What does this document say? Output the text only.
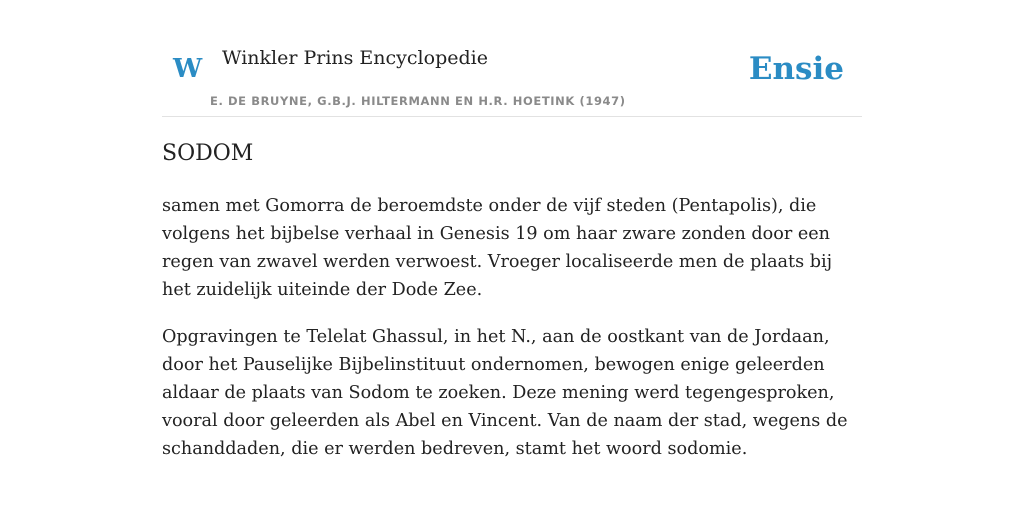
W Winkler Prins Encyclopedie
E. DE BRUYNE, G.B.J. HILTERMANN EN H.R. HOETINK (1947)
Ensie
SODOM

samen met Gomorra de beroemdste onder de vijf steden (Pentapolis), die volgens het bijbelse verhaal in Genesis 19 om haar zware zonden door een regen van zwavel werden verwoest. Vroeger localiseerde men de plaats bij het zuidelijk uiteinde der Dode Zee.

Opgravingen te Telelat Ghassul, in het N., aan de oostkant van de Jordaan, door het Pauselijke Bijbelinstituut ondernomen, bewogen enige geleerden aldaar de plaats van Sodom te zoeken. Deze mening werd tegengesproken, vooral door geleerden als Abel en Vincent. Van de naam der stad, wegens de schanddaden, die er werden bedreven, stamt het woord sodomie.
